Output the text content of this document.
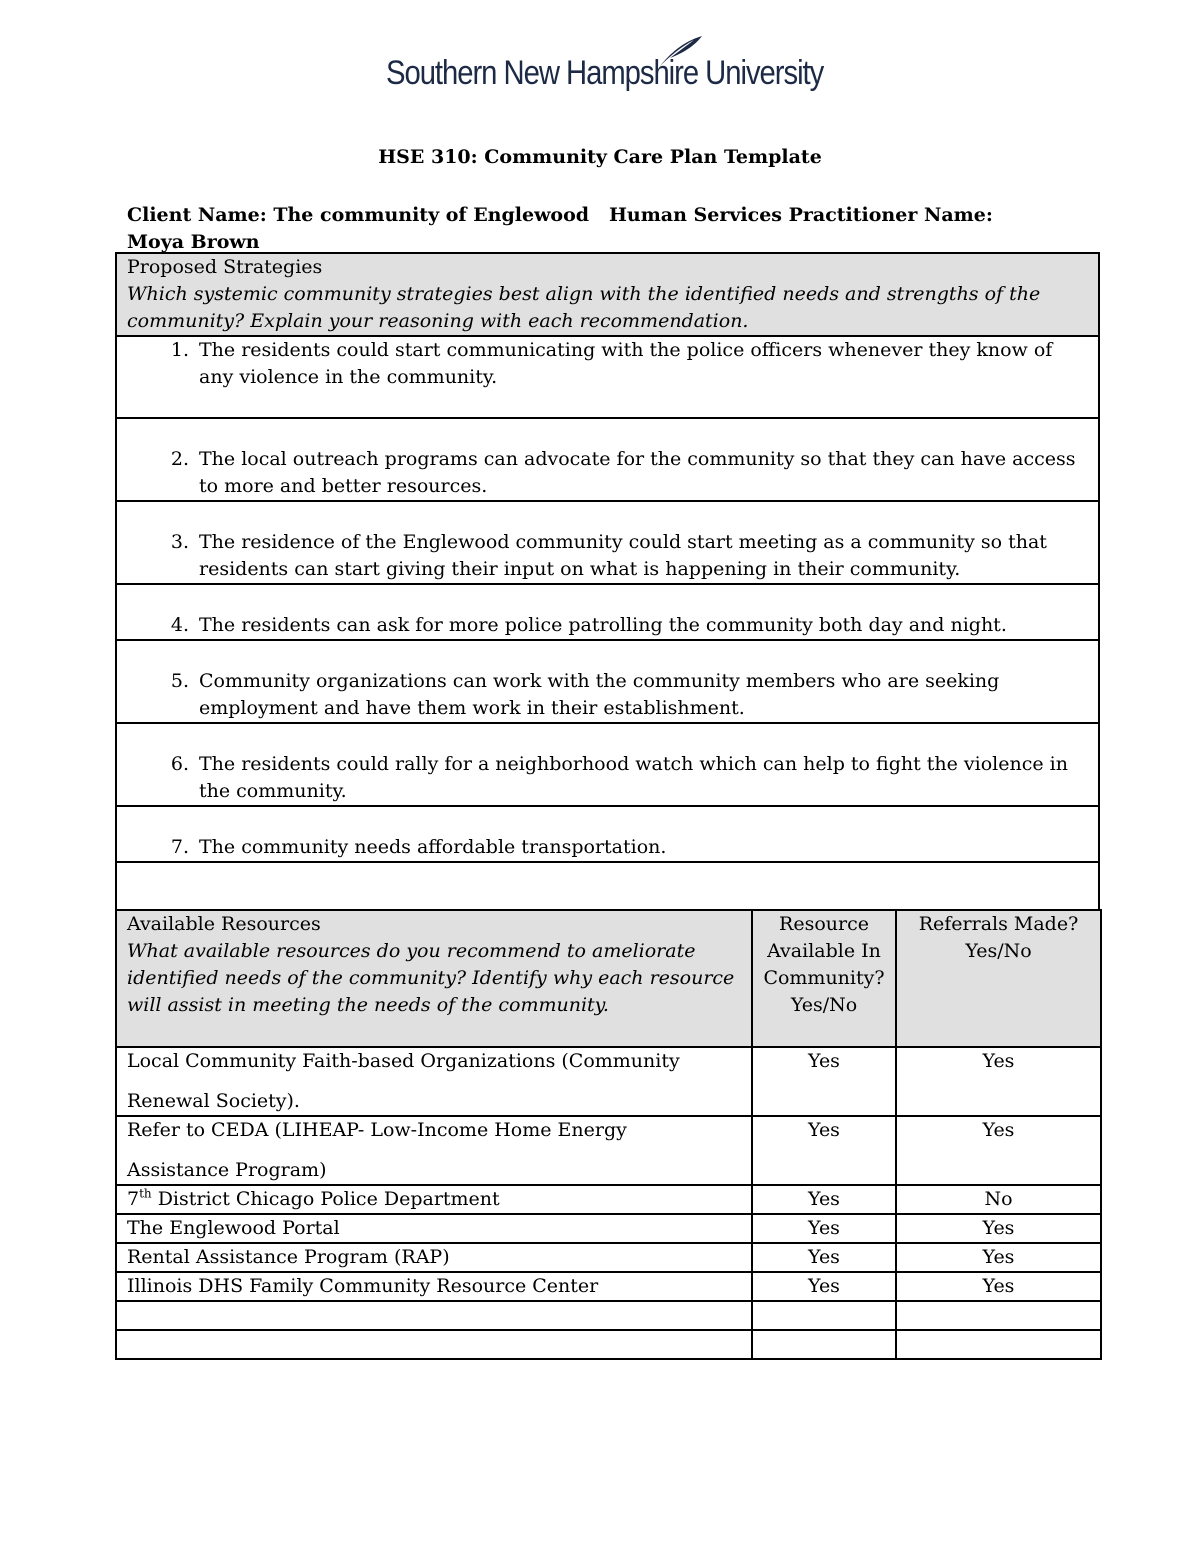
Southern New Hampshire University
HSE 310: Community Care Plan Template
Client Name: The community of Englewood Human Services Practitioner Name: Moya Brown
Proposed Strategies
Which systemic community strategies best align with the identified needs and strengths of the community? Explain your reasoning with each recommendation.

1. The residents could start communicating with the police officers whenever they know of any violence in the community.

2. The local outreach programs can advocate for the community so that they can have access to more and better resources.

3. The residence of the Englewood community could start meeting as a community so that residents can start giving their input on what is happening in their community.

4. The residents can ask for more police patrolling the community both day and night.

5. Community organizations can work with the community members who are seeking employment and have them work in their establishment.

6. The residents could rally for a neighborhood watch which can help to fight the violence in the community.

7. The community needs affordable transportation.

Available Resources
What available resources do you recommend to ameliorate identified needs of the community? Identify why each resource will assist in meeting the needs of the community.	Resource Available In Community? Yes/No	Referrals Made? Yes/No

Local Community Faith-based Organizations (Community
Renewal Society).	Yes	Yes

Refer to CEDA (LIHEAP- Low-Income Home Energy
Assistance Program)	Yes	Yes
7th District Chicago Police Department	Yes	No
The Englewood Portal	Yes	Yes
Rental Assistance Program (RAP)	Yes	Yes
Illinois DHS Family Community Resource Center	Yes	Yes
